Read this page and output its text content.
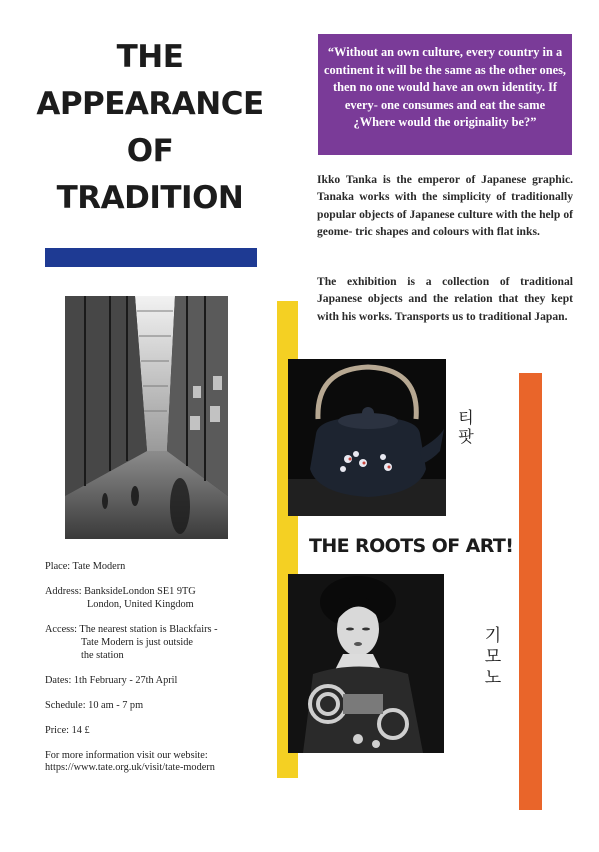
THE
APPEARANCE
OF
TRADITION
“Without an own culture, every country in a continent it will be the same as the other ones, then no one would have an own identity. If every- one consumes and eat the same ¿Where would the originality be?”
Ikko Tanka is the emperor of Japanese graphic. Tanaka works with the simplicity of traditionally popular objects of Japanese culture with the help of geome- tric shapes and colours with flat inks.
The exhibition is a collection of traditional Japanese objects and the relation that they kept with his works. Transports us to traditional Japan.
티
팟
THE ROOTS OF ART!
기
모
노
Place: Tate Modern
Address: BanksideLondon SE1 9TG
London, United Kingdom
Access: The nearest station is Blackfairs -
Tate Modern is just outside
the station
Dates: 1th February - 27th April
Schedule: 10 am - 7 pm
Price: 14 £
For more information visit our website:
https://www.tate.org.uk/visit/tate-modern
